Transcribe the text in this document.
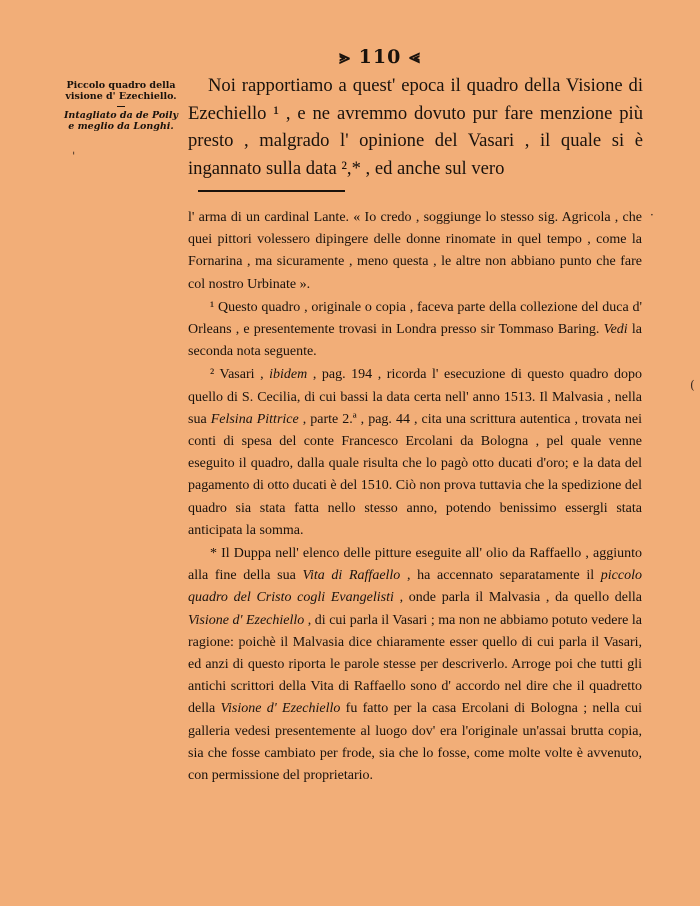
⪢ 110 ⪡
Piccolo quadro della visione d' Ezechiello.
Intagliato da de Poily e meglio da Longhi.
ˈ
·
(

Noi rapportiamo a quest' epoca il quadro della Visione di Ezechiello ¹ , e ne avremmo dovuto pur fare menzione più presto , malgrado l' opinione del Vasari , il quale si è ingannato sulla data ²,* , ed anche sul vero

l' arma di un cardinal Lante. « Io credo , soggiunge lo stesso sig. Agricola , che quei pittori volessero dipingere delle donne rinomate in quel tempo , come la Fornarina , ma sicuramente , meno questa , le altre non abbiano punto che fare col nostro Urbinate ».

¹ Questo quadro , originale o copia , faceva parte della collezione del duca d' Orleans , e presentemente trovasi in Londra presso sir Tommaso Baring. Vedi la seconda nota seguente.

² Vasari , ibidem , pag. 194 , ricorda l' esecuzione di questo quadro dopo quello di S. Cecilia, di cui bassi la data certa nell' anno 1513. Il Malvasia , nella sua Felsina Pittrice , parte 2.ª , pag. 44 , cita una scrittura autentica , trovata nei conti di spesa del conte Francesco Ercolani da Bologna , pel quale venne eseguito il quadro, dalla quale risulta che lo pagò otto ducati d'oro; e la data del pagamento di otto ducati è del 1510. Ciò non prova tuttavia che la spedizione del quadro sia stata fatta nello stesso anno, potendo benissimo essergli stata anticipata la somma.

* Il Duppa nell' elenco delle pitture eseguite all' olio da Raffaello , aggiunto alla fine della sua Vita di Raffaello , ha accennato separatamente il piccolo quadro del Cristo cogli Evangelisti , onde parla il Malvasia , da quello della Visione d' Ezechiello , di cui parla il Vasari ; ma non ne abbiamo potuto vedere la ragione: poichè il Malvasia dice chiaramente esser quello di cui parla il Vasari, ed anzi di questo riporta le parole stesse per descriverlo. Arroge poi che tutti gli antichi scrittori della Vita di Raffaello sono d' accordo nel dire che il quadretto della Visione d' Ezechiello fu fatto per la casa Ercolani di Bologna ; nella cui galleria vedesi presentemente al luogo dov' era l'originale un'assai brutta copia, sia che fosse cambiato per frode, sia che lo fosse, come molte volte è avvenuto, con permissione del proprietario.
